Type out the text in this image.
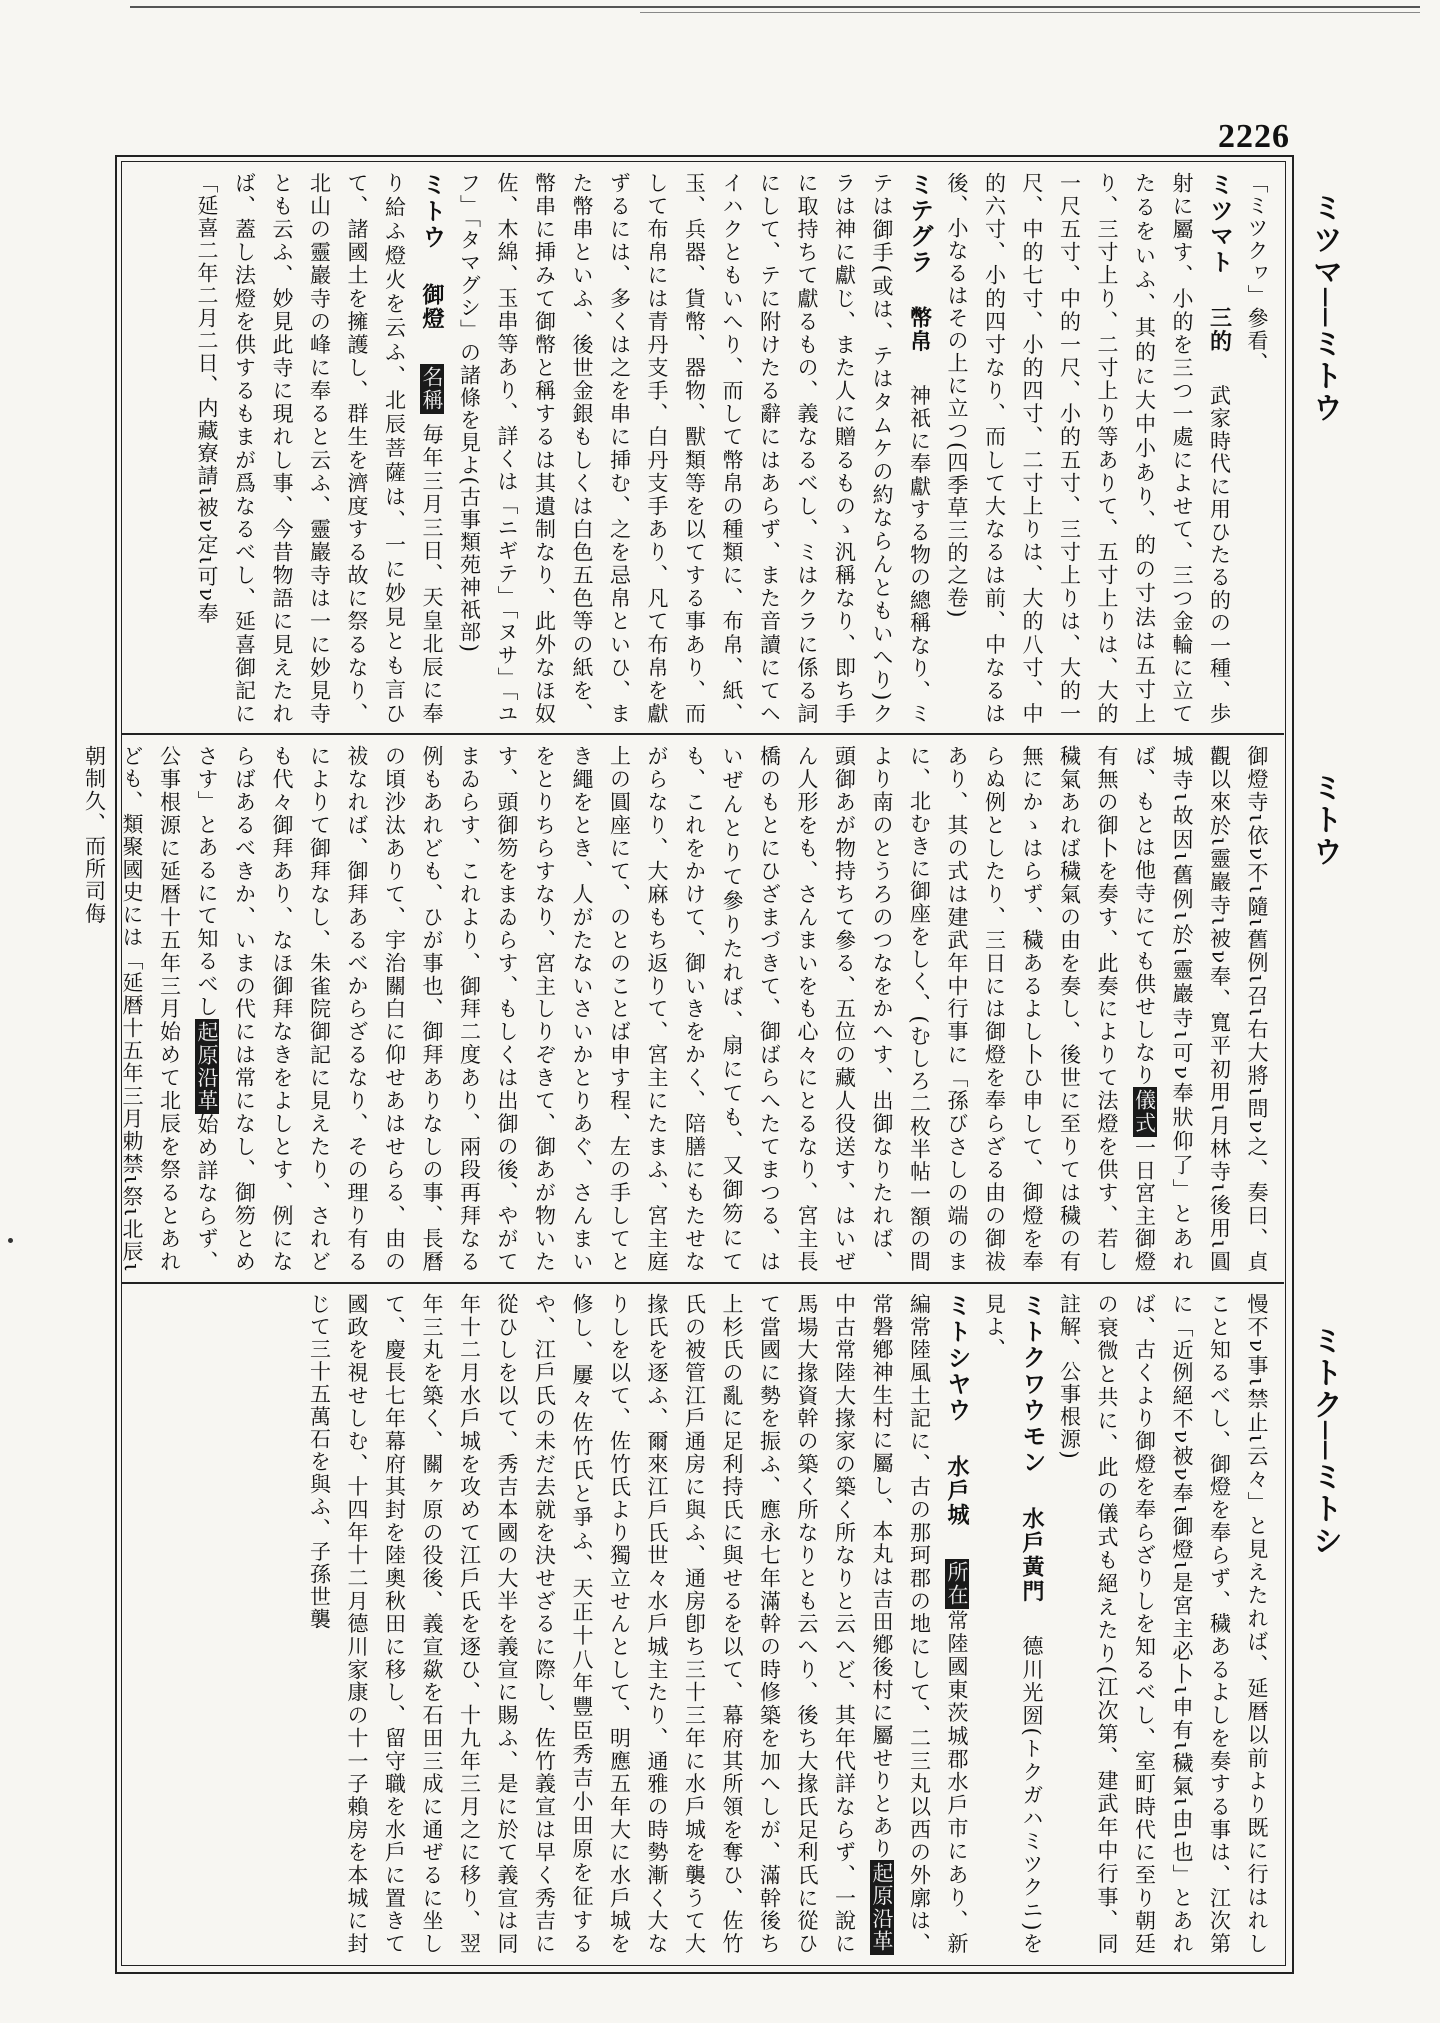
2226
ミツマ──ミトウ
ミトウ
ミトク──ミトシ

「ミツクヮ」參看、

ミツマト　 三的　 武家時代に用ひたる的の一種、歩射に屬す、小的を三つ一處によせて、三つ金輪に立てたるをいふ、其的に大中小あり、的の寸法は五寸上り、三寸上り、二寸上り等ありて、五寸上りは、大的一尺五寸、中的一尺、小的五寸、三寸上りは、大的一尺、中的七寸、小的四寸、二寸上りは、大的八寸、中的六寸、小的四寸なり、而して大なるは前、中なるは後、小なるはその上に立つ(四季草三的之卷)

ミテグラ　 幣帛　 神祇に奉獻する物の總稱なり、ミテは御手(或は、テはタムケの約ならんともいへり)クラは神に獻じ、また人に贈るものゝ汎稱なり、即ち手に取持ちて獻るもの、義なるべし、ミはクラに係る詞にして、テに附けたる辭にはあらず、また音讀にてヘイハクともいへり、而して幣帛の種類に、布帛、紙、玉、兵器、貨幣、器物、獸類等を以てする事あり、而して布帛には青丹支手、白丹支手あり、凡て布帛を獻ずるには、多くは之を串に挿む、之を忌帛といひ、また幣串といふ、後世金銀もしくは白色五色等の紙を、幣串に挿みて御幣と稱するは其遺制なり、此外なほ奴佐、木綿、玉串等あり、詳くは「ニギテ」「ヌサ」「ユフ」「タマグシ」の諸條を見よ(古事類苑神祇部)

ミトウ　 御燈　 名稱 毎年三月三日、天皇北辰に奉り給ふ燈火を云ふ、北辰菩薩は、一に妙見とも言ひて、諸國土を擁護し、群生を濟度する故に祭るなり、北山の靈巖寺の峰に奉ると云ふ、靈巖寺は一に妙見寺とも云ふ、妙見此寺に現れし事、今昔物語に見えたれば、蓋し法燈を供するもまが爲なるべし、延喜御記に「延喜二年二月二日、内藏寮請ι被ν定ι可ν奉

御燈寺ι依ν不ι隨ι舊例ι召ι右大將ι問ν之、奏曰、貞觀以來於ι靈巖寺ι被ν奉、寬平初用ι月林寺ι後用ι圓城寺ι故因ι舊例ι於ι靈巖寺ι可ν奉狀仰了」とあれば、もとは他寺にても供せしなり儀式一日宮主御燈有無の御卜を奏す、此奏によりて法燈を供す、若し穢氣あれば穢氣の由を奏し、後世に至りては穢の有無にかゝはらず、穢あるよし卜ひ申して、御燈を奉らぬ例としたり、三日には御燈を奉らざる由の御祓あり、其の式は建武年中行事に「孫びさしの端のまに、北むきに御座をしく、(むしろ二枚半帖一額の間より南のとうろのつなをかへす、出御なりたれば、頭御あが物持ちて參る、五位の藏人役送す、はいぜん人形をも、さんまいをも心々にとるなり、宮主長橋のもとにひざまづきて、御ばらへたてまつる、はいぜんとりて參りたれば、扇にても、又御笏にても、これをかけて、御いきをかく、陪膳にもたせながらなり、大麻もち返りて、宮主にたまふ、宮主庭上の圓座にて、のとのことば申す程、左の手してとき繩をとき、人がたないさいかとりあぐ、さんまいをとりちらすなり、宮主しりぞきて、御あが物いたす、頭御笏をまゐらす、もしくは出御の後、やがてまゐらす、これより、御拜二度あり、兩段再拜なる例もあれども、ひが事也、御拜ありなしの事、長曆の頃沙汰ありて、宇治關白に仰せあはせらる、由の祓なれば、御拜あるべからざるなり、その理り有るによりて御拜なし、朱雀院御記に見えたり、されども代々御拜あり、なほ御拜なきをよしとす、例にならばあるべきか、いまの代には常になし、御笏とめさす」とあるにて知るべし起原沿革始め詳ならず、公事根源に延暦十五年三月始めて北辰を祭るとあれども、類聚國史には「延暦十五年三月勅禁ι祭ι北辰ι朝制久、而所司侮

慢不ν事ι禁止ι云々」と見えたれば、延暦以前より既に行はれしこと知るべし、御燈を奉らず、穢あるよしを奏する事は、江次第に「近例絕不ν被ν奉ι御燈ι是宮主必卜ι申有ι穢氣ι由ι也」とあれば、古くより御燈を奉らざりしを知るべし、室町時代に至り朝廷の衰微と共に、此の儀式も絕えたり(江次第、建武年中行事、同註解、公事根源)

ミトクワウモン　 水戶黃門　 德川光圀(トクガハミツクニ)を見よ、

ミトシヤウ　 水戶城　 所在常陸國東茨城郡水戶市にあり、新編常陸風土記に、古の那珂郡の地にして、二三丸以西の外廓は、常磐鄕神生村に屬し、本丸は吉田鄕後村に屬せりとあり起原沿革中古常陸大掾家の築く所なりと云へど、其年代詳ならず、一說に馬場大掾資幹の築く所なりとも云へり、後ち大掾氏足利氏に從ひて當國に勢を振ふ、應永七年滿幹の時修築を加へしが、滿幹後ち上杉氏の亂に足利持氏に與せるを以て、幕府其所領を奪ひ、佐竹氏の被管江戶通房に與ふ、通房卽ち三十三年に水戶城を襲うて大掾氏を逐ふ、爾來江戶氏世々水戶城主たり、通雅の時勢漸く大なりしを以て、佐竹氏より獨立せんとして、明應五年大に水戶城を修し、屢々佐竹氏と爭ふ、天正十八年豐臣秀吉小田原を征するや、江戶氏の未だ去就を決せざるに際し、佐竹義宣は早く秀吉に從ひしを以て、秀吉本國の大半を義宣に賜ふ、是に於て義宣は同年十二月水戶城を攻めて江戶氏を逐ひ、十九年三月之に移り、翌年三丸を築く、關ヶ原の役後、義宣歘を石田三成に通ぜるに坐して、慶長七年幕府其封を陸奧秋田に移し、留守職を水戶に置きて國政を視せしむ、十四年十二月德川家康の十一子賴房を本城に封じて三十五萬石を與ふ、子孫世襲
